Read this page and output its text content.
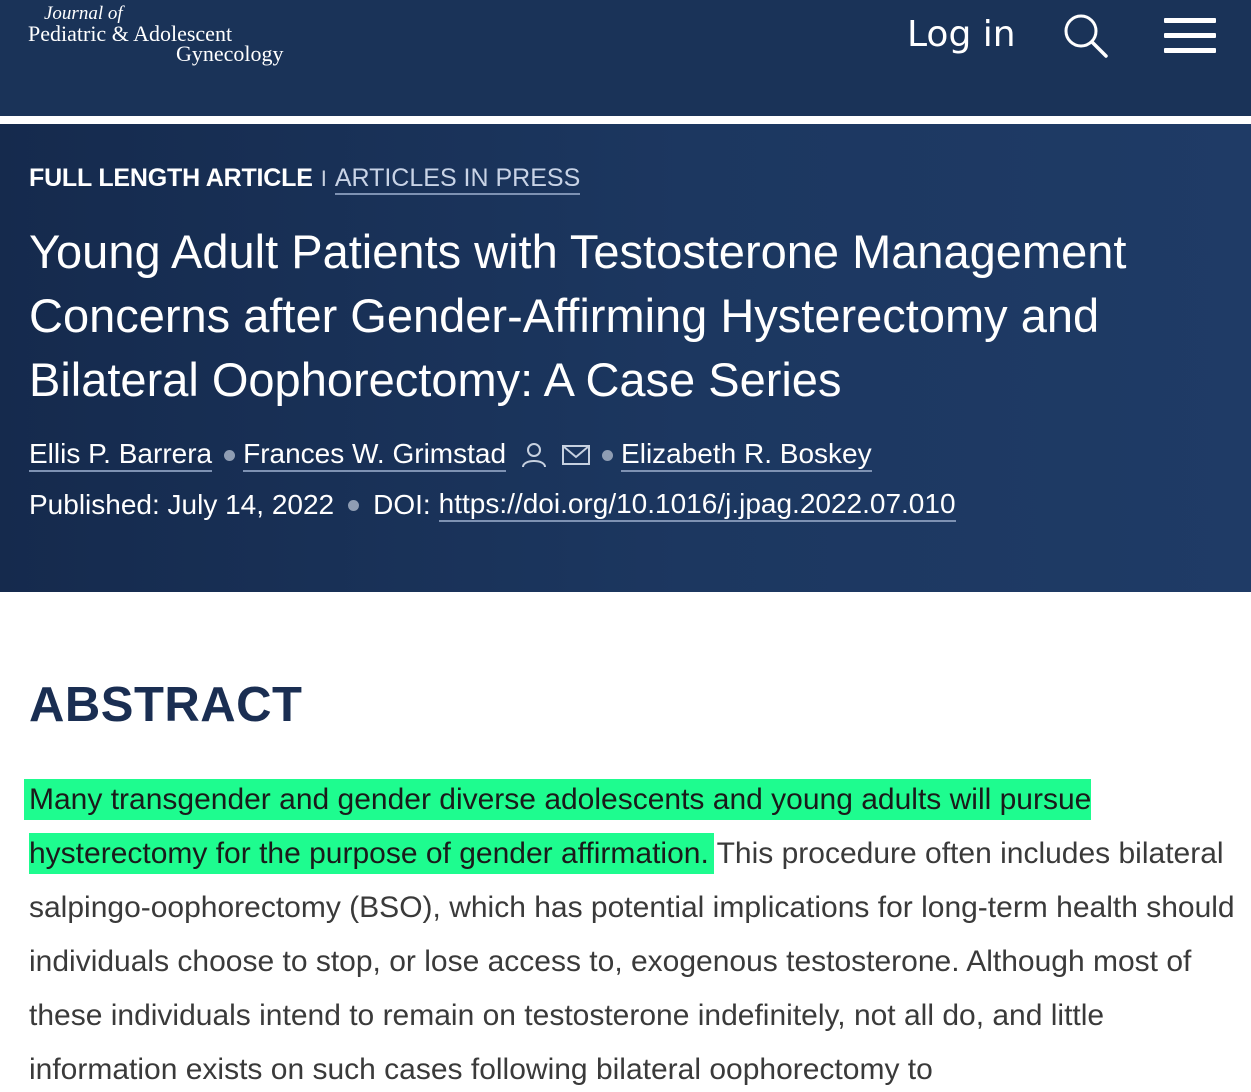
Journal of
Pediatric & Adolescent
Gynecology	Log in
FULL LENGTH ARTICLE I ARTICLES IN PRESS
Young Adult Patients with Testosterone Management Concerns after Gender-Affirming Hysterectomy and Bilateral Oophorectomy: A Case Series
Ellis P. Barrera Frances W. Grimstad	Elizabeth R. Boskey
Published: July 14, 2022 DOI: https://doi.org/10.1016/j.jpag.2022.07.010
ABSTRACT

Many transgender and gender diverse adolescents and young adults will pursue hysterectomy for the purpose of gender affirmation. This procedure often includes bilateral salpingo-oophorectomy (BSO), which has potential implications for long-term health should individuals choose to stop, or lose access to, exogenous testosterone. Although most of these individuals intend to remain on testosterone indefinitely, not all do, and little information exists on such cases following bilateral oophorectomy to
